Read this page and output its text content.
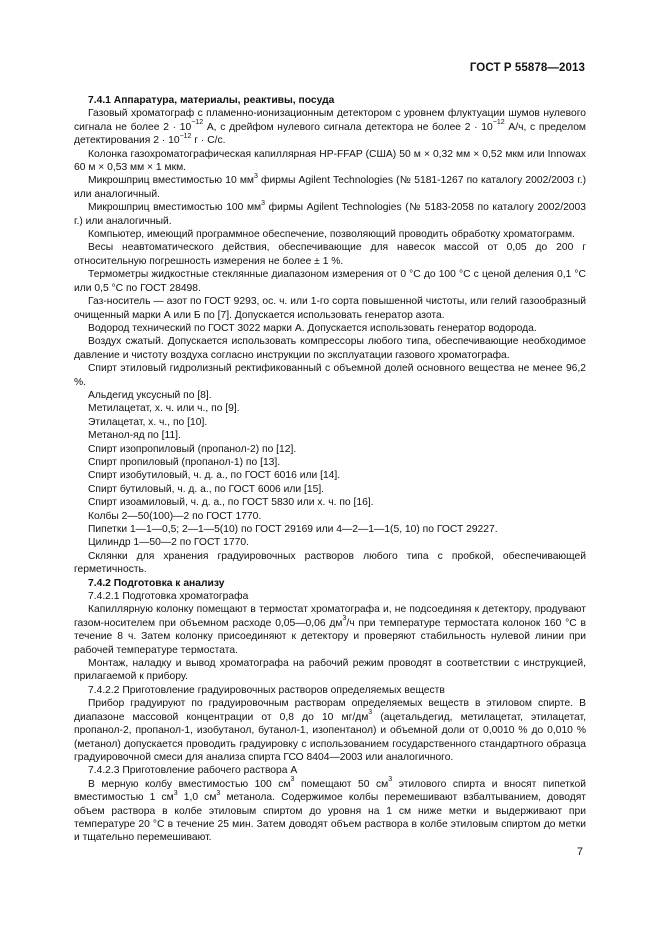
ГОСТ Р 55878—2013

7.4.1 Аппаратура, материалы, реактивы, посуда

Газовый хроматограф с пламенно-ионизационным детектором с уровнем флуктуации шумов нулевого сигнала не более $2 \cdot 10^{-12}$ А, с дрейфом нулевого сигнала детектора не более $2 \cdot 10^{-12}$ А/ч, с пределом детектирования $2 \cdot 10^{-12}$ г · С/с.

Колонка газохроматографическая капиллярная HP-FFAP (США) 50 м × 0,32 мм × 0,52 мкм или Innowax 60 м × 0,53 мм × 1 мкм.

Микрошприц вместимостью 10 $мм^3$ фирмы Agilent Technologies (№ 5181-1267 по каталогу 2002/2003 г.) или аналогичный.

Микрошприц вместимостью 100 $мм^3$ фирмы Agilent Technologies (№ 5183-2058 по каталогу 2002/2003 г.) или аналогичный.

Компьютер, имеющий программное обеспечение, позволяющий проводить обработку хроматограмм.

Весы неавтоматического действия, обеспечивающие для навесок массой от 0,05 до 200 г относительную погрешность измерения не более ± 1 %.

Термометры жидкостные стеклянные диапазоном измерения от 0 °С до 100 °С с ценой деления 0,1 °С или 0,5 °С по ГОСТ 28498.

Газ-носитель — азот по ГОСТ 9293, ос. ч. или 1-го сорта повышенной чистоты, или гелий газообразный очищенный марки А или Б по [7]. Допускается использовать генератор азота.

Водород технический по ГОСТ 3022 марки А. Допускается использовать генератор водорода.

Воздух сжатый. Допускается использовать компрессоры любого типа, обеспечивающие необходимое давление и чистоту воздуха согласно инструкции по эксплуатации газового хроматографа.

Спирт этиловый гидролизный ректификованный с объемной долей основного вещества не менее 96,2 %.

Альдегид уксусный по [8].

Метилацетат, х. ч. или ч., по [9].

Этилацетат, х. ч., по [10].

Метанол-яд по [11].

Спирт изопропиловый (пропанол-2) по [12].

Спирт пропиловый (пропанол-1) по [13].

Спирт изобутиловый, ч. д. а., по ГОСТ 6016 или [14].

Спирт бутиловый, ч. д. а., по ГОСТ 6006 или [15].

Спирт изоамиловый, ч. д. а., по ГОСТ 5830 или х. ч. по [16].

Колбы 2—50(100)—2 по ГОСТ 1770.

Пипетки 1—1—0,5; 2—1—5(10) по ГОСТ 29169 или 4—2—1—1(5, 10) по ГОСТ 29227.

Цилиндр 1—50—2 по ГОСТ 1770.

Склянки для хранения градуировочных растворов любого типа с пробкой, обеспечивающей герметичность.

7.4.2 Подготовка к анализу

7.4.2.1 Подготовка хроматографа

Капиллярную колонку помещают в термостат хроматографа и, не подсоединяя к детектору, продувают газом-носителем при объемном расходе 0,05—0,06 $дм^3/ч$ при температуре термостата колонок 160 °С в течение 8 ч. Затем колонку присоединяют к детектору и проверяют стабильность нулевой линии при рабочей температуре термостата.

Монтаж, наладку и вывод хроматографа на рабочий режим проводят в соответствии с инструкцией, прилагаемой к прибору.

7.4.2.2 Приготовление градуировочных растворов определяемых веществ

Прибор градуируют по градуировочным растворам определяемых веществ в этиловом спирте. В диапазоне массовой концентрации от 0,8 до 10 $мг/дм^3$ (ацетальдегид, метилацетат, этилацетат, пропанол-2, пропанол-1, изобутанол, бутанол-1, изопентанол) и объемной доли от 0,0010 % до 0,010 % (метанол) допускается проводить градуировку с использованием государственного стандартного образца градуировочной смеси для анализа спирта ГСО 8404—2003 или аналогичного.

7.4.2.3 Приготовление рабочего раствора А

В мерную колбу вместимостью 100 $см^3$ помещают 50 $см^3$ этилового спирта и вносят пипеткой вместимостью 1 $см^3$ 1,0 $см^3$ метанола. Содержимое колбы перемешивают взбалтыванием, доводят объем раствора в колбе этиловым спиртом до уровня на 1 см ниже метки и выдерживают при температуре 20 °С в течение 25 мин. Затем доводят объем раствора в колбе этиловым спиртом до метки и тщательно перемешивают.

7
